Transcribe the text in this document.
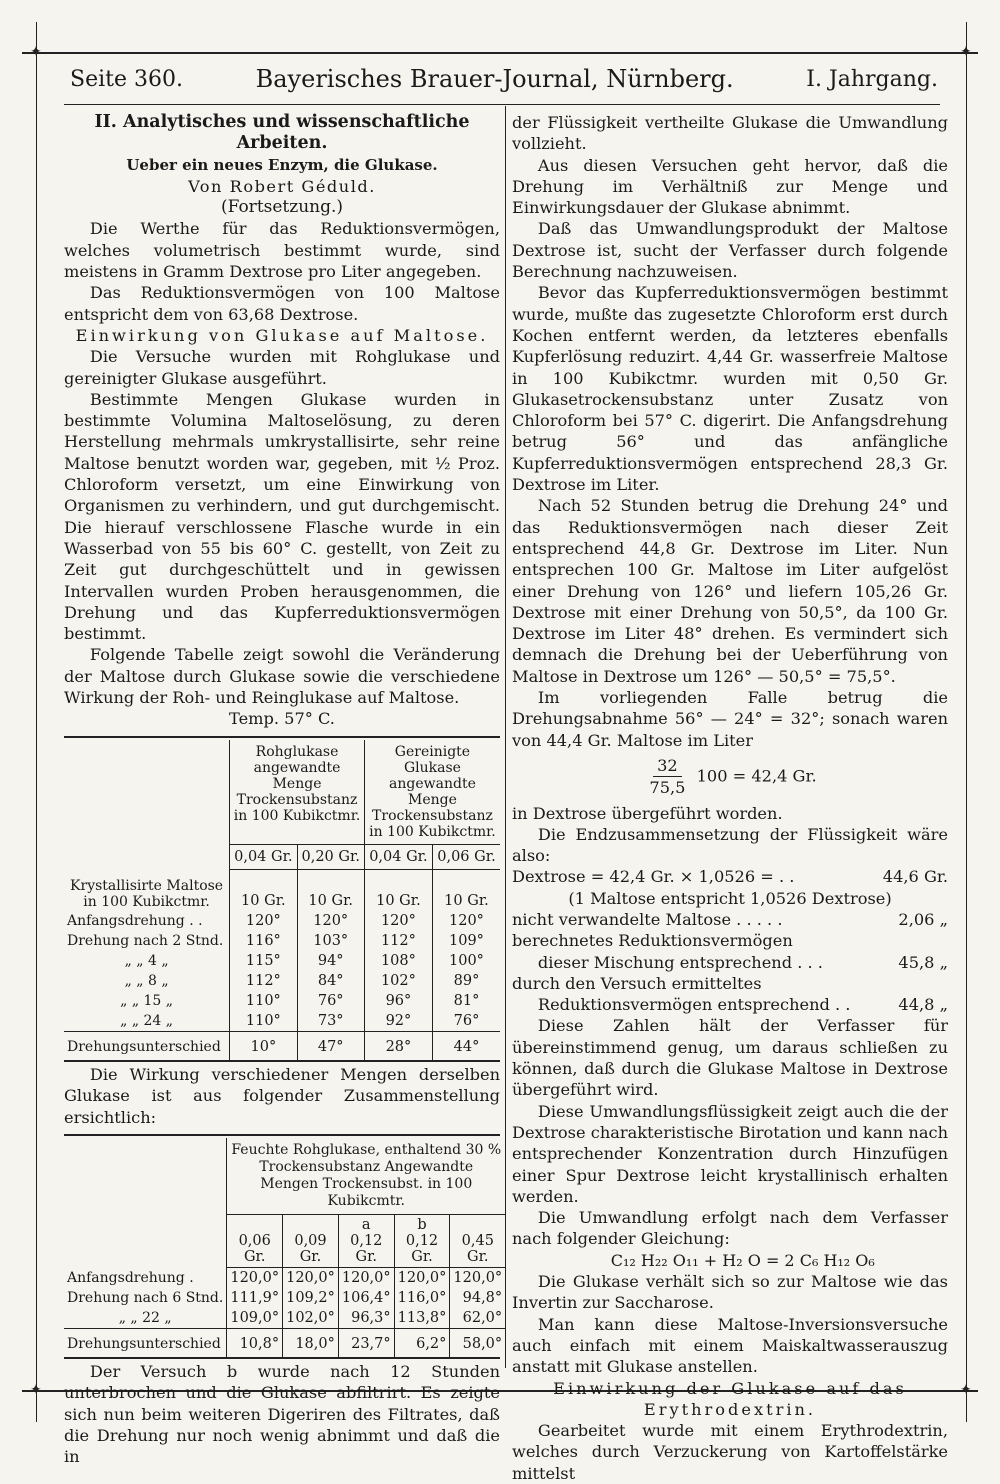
✦	✦
✦	✦
Seite 360.	Bayerisches Brauer-Journal, Nürnberg.	I. Jahrgang.

II. Analytisches und wissenschaftliche Arbeiten.

Ueber ein neues Enzym, die Glukase.

Von Robert Géduld.

(Fortsetzung.)

Die Werthe für das Reduktionsvermögen, welches volumetrisch bestimmt wurde, sind meistens in Gramm Dextrose pro Liter angegeben.

Das Reduktionsvermögen von 100 Maltose entspricht dem von 63,68 Dextrose.

Einwirkung von Glukase auf Maltose.

Die Versuche wurden mit Rohglukase und gereinigter Glukase ausgeführt.

Bestimmte Mengen Glukase wurden in bestimmte Volumina Maltoselösung, zu deren Herstellung mehrmals umkrystallisirte, sehr reine Maltose benutzt worden war, gegeben, mit ½ Proz. Chloroform versetzt, um eine Einwirkung von Organismen zu verhindern, und gut durchgemischt. Die hierauf verschlossene Flasche wurde in ein Wasserbad von 55 bis 60° C. gestellt, von Zeit zu Zeit gut durchgeschüttelt und in gewissen Intervallen wurden Proben herausgenommen, die Drehung und das Kupferreduktionsvermögen bestimmt.

Folgende Tabelle zeigt sowohl die Veränderung der Maltose durch Glukase sowie die verschiedene Wirkung der Roh- und Reinglukase auf Maltose.

Temp. 57° C.

	Rohglukase angewandte Menge Trockensubstanz in 100 Kubikctmr.		Gereinigte Glukase angewandte Menge Trockensubstanz in 100 Kubikctmr.	
	0,04 Gr.	0,20 Gr.	0,04 Gr.	0,06 Gr.

Krystallisirte Maltose in 100 Kubikctmr.	10 Gr.	10 Gr.	10 Gr.	10 Gr.
Anfangsdrehung . .	120°	120°	120°	120°
Drehung nach 2 Stnd.	116°	103°	112°	109°
„ „ 4 „	115°	94°	108°	100°
„ „ 8 „	112°	84°	102°	89°
„ „ 15 „	110°	76°	96°	81°
„ „ 24 „	110°	73°	92°	76°
Drehungsunterschied	10°	47°	28°	44°

Die Wirkung verschiedener Mengen derselben Glukase ist aus folgender Zusammenstellung ersichtlich:

	Feuchte Rohglukase, enthaltend 30 % Trockensubstanz Angewandte Mengen Trockensubst. in 100 Kubikcmtr.				

0,06
Gr.	0,09
Gr.	a
0,12
Gr.	b
0,12
Gr.	0,45
Gr.
Anfangsdrehung .	120,0°	120,0°	120,0°	120,0°	120,0°
Drehung nach 6 Stnd.	111,9°	109,2°	106,4°	116,0°	94,8°
„ „ 22 „	109,0°	102,0°	96,3°	113,8°	62,0°
Drehungsunterschied	10,8°	18,0°	23,7°	6,2°	58,0°

Der Versuch b wurde nach 12 Stunden unterbrochen und die Glukase abfiltrirt. Es zeigte sich nun beim weiteren Digeriren des Filtrates, daß die Drehung nur noch wenig abnimmt und daß die in

der Flüssigkeit vertheilte Glukase die Umwandlung vollzieht.

Aus diesen Versuchen geht hervor, daß die Drehung im Verhältniß zur Menge und Einwirkungsdauer der Glukase abnimmt.

Daß das Umwandlungsprodukt der Maltose Dextrose ist, sucht der Verfasser durch folgende Berechnung nachzuweisen.

Bevor das Kupferreduktionsvermögen bestimmt wurde, mußte das zugesetzte Chloroform erst durch Kochen entfernt werden, da letzteres ebenfalls Kupferlösung reduzirt. 4,44 Gr. wasserfreie Maltose in 100 Kubikctmr. wurden mit 0,50 Gr. Glukasetrockensubstanz unter Zusatz von Chloroform bei 57° C. digerirt. Die Anfangsdrehung betrug 56° und das anfängliche Kupferreduktionsvermögen entsprechend 28,3 Gr. Dextrose im Liter.

Nach 52 Stunden betrug die Drehung 24° und das Reduktionsvermögen nach dieser Zeit entsprechend 44,8 Gr. Dextrose im Liter. Nun entsprechen 100 Gr. Maltose im Liter aufgelöst einer Drehung von 126° und liefern 105,26 Gr. Dextrose mit einer Drehung von 50,5°, da 100 Gr. Dextrose im Liter 48° drehen. Es vermindert sich demnach die Drehung bei der Ueberführung von Maltose in Dextrose um 126° — 50,5° = 75,5°.

Im vorliegenden Falle betrug die Drehungsabnahme 56° — 24° = 32°; sonach waren von 44,4 Gr. Maltose im Liter

$\frac{32}{75,5} 100 = 42,4$ Gr.

in Dextrose übergeführt worden.

Die Endzusammensetzung der Flüssigkeit wäre also:

Dextrose = 42,4 Gr. × 1,0526 = . .	44,6 Gr.
(1 Maltose entspricht 1,0526 Dextrose)
nicht verwandelte Maltose . . . . .	2,06 „
berechnetes Reduktionsvermögen
dieser Mischung entsprechend . . .	45,8 „
durch den Versuch ermitteltes
Reduktionsvermögen entsprechend . .	44,8 „

Diese Zahlen hält der Verfasser für übereinstimmend genug, um daraus schließen zu können, daß durch die Glukase Maltose in Dextrose übergeführt wird.

Diese Umwandlungsflüssigkeit zeigt auch die der Dextrose charakteristische Birotation und kann nach entsprechender Konzentration durch Hinzufügen einer Spur Dextrose leicht krystallinisch erhalten werden.

Die Umwandlung erfolgt nach dem Verfasser nach folgender Gleichung:

C₁₂ H₂₂ O₁₁ + H₂ O = 2 C₆ H₁₂ O₆

Die Glukase verhält sich so zur Maltose wie das Invertin zur Saccharose.

Man kann diese Maltose-Inversionsversuche auch einfach mit einem Maiskaltwasserauszug anstatt mit Glukase anstellen.

Einwirkung der Glukase auf das Erythrodextrin.

Gearbeitet wurde mit einem Erythrodextrin, welches durch Verzuckerung von Kartoffelstärke mittelst
